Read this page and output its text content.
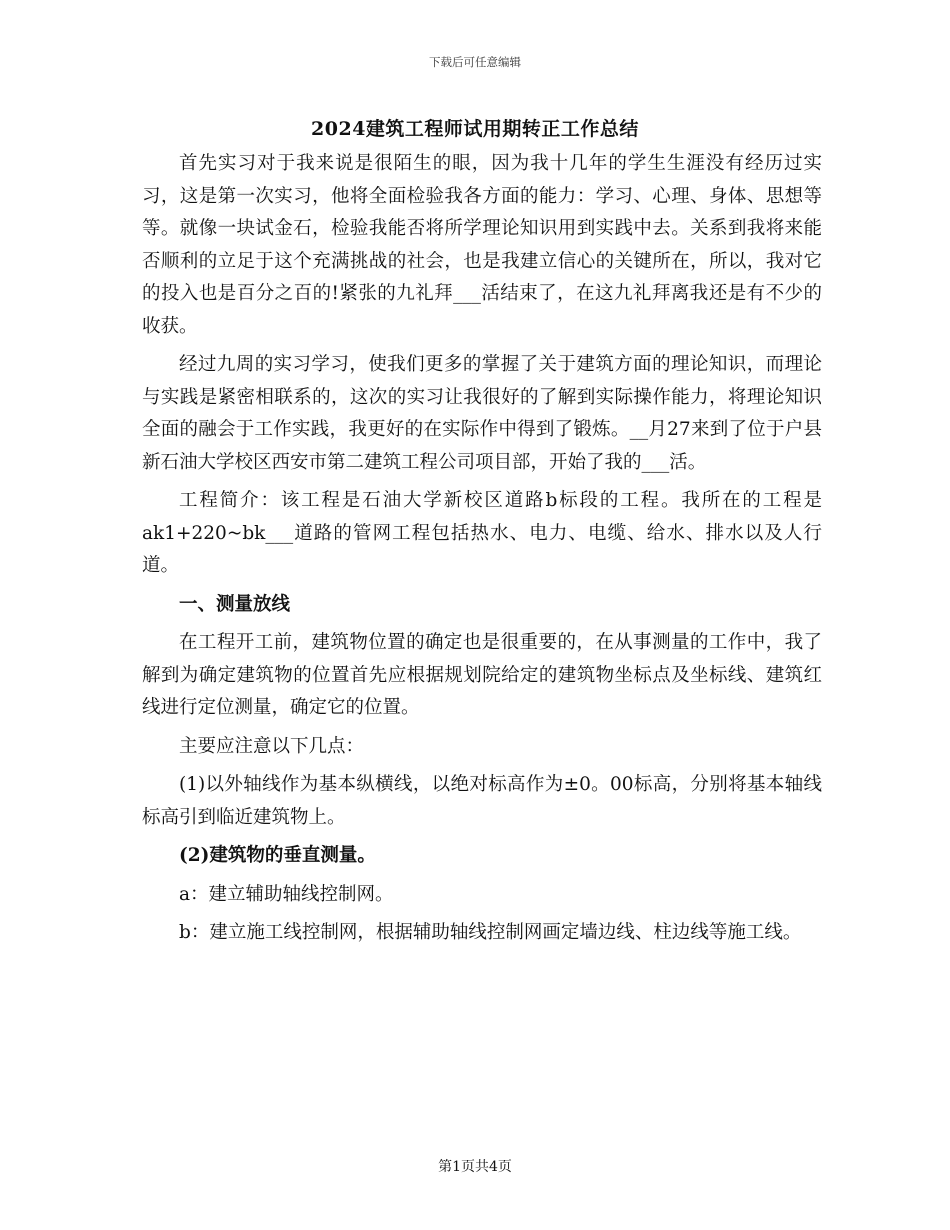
下载后可任意编辑
2024建筑工程师试用期转正工作总结

首先实习对于我来说是很陌生的眼，因为我十几年的学生生涯没有经历过实习，这是第一次实习，他将全面检验我各方面的能力：学习、心理、身体、思想等等。就像一块试金石，检验我能否将所学理论知识用到实践中去。关系到我将来能否顺利的立足于这个充满挑战的社会，也是我建立信心的关键所在，所以，我对它的投入也是百分之百的!紧张的九礼拜___活结束了，在这九礼拜离我还是有不少的收获。

经过九周的实习学习，使我们更多的掌握了关于建筑方面的理论知识，而理论与实践是紧密相联系的，这次的实习让我很好的了解到实际操作能力，将理论知识全面的融会于工作实践，我更好的在实际作中得到了锻炼。__月27来到了位于户县新石油大学校区西安市第二建筑工程公司项目部，开始了我的___活。

工程简介：该工程是石油大学新校区道路b标段的工程。我所在的工程是ak1+220~bk___道路的管网工程包括热水、电力、电缆、给水、排水以及人行道。

一、测量放线

在工程开工前，建筑物位置的确定也是很重要的，在从事测量的工作中，我了解到为确定建筑物的位置首先应根据规划院给定的建筑物坐标点及坐标线、建筑红线进行定位测量，确定它的位置。

主要应注意以下几点：

(1)以外轴线作为基本纵横线，以绝对标高作为±0。00标高，分别将基本轴线标高引到临近建筑物上。

(2)建筑物的垂直测量。

a：建立辅助轴线控制网。

b：建立施工线控制网，根据辅助轴线控制网画定墙边线、柱边线等施工线。

第1页共4页
